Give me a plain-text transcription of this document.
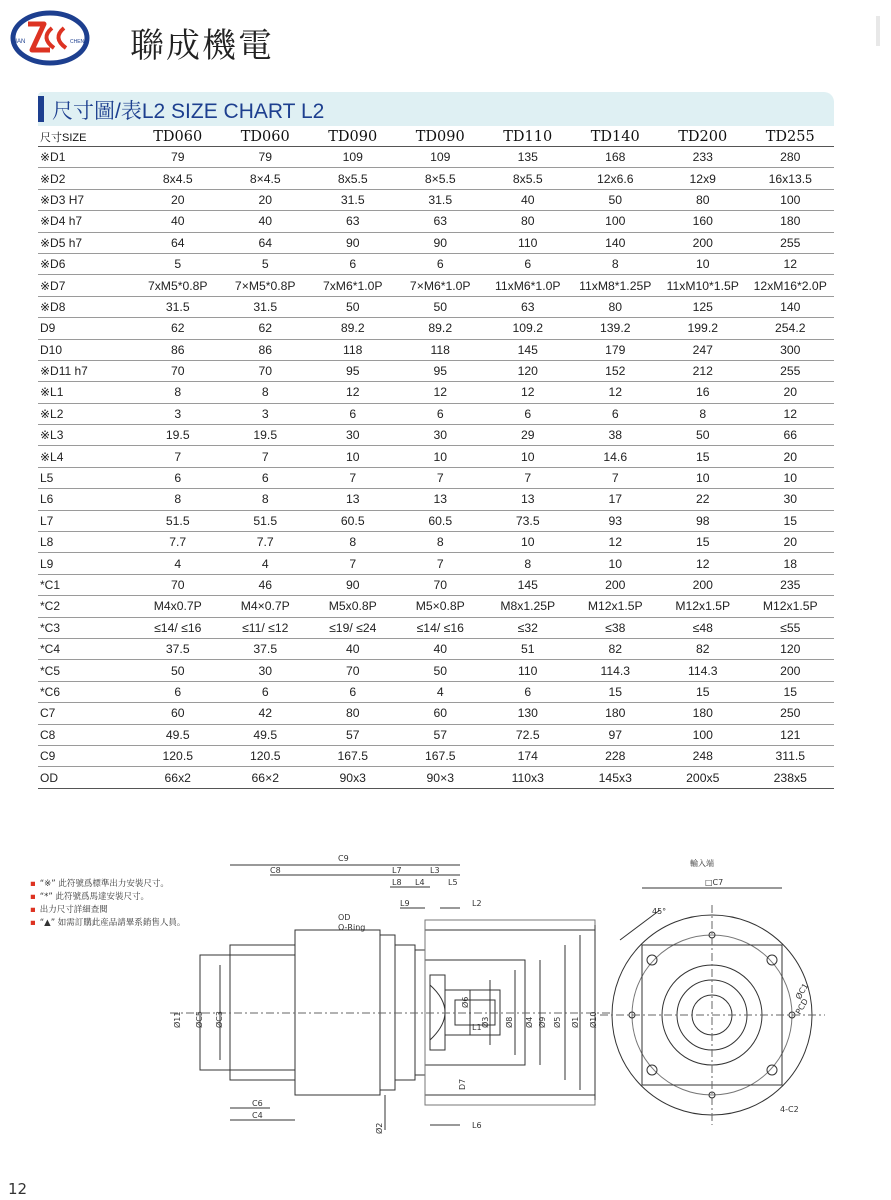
LIAN	CHENG 聯成機電
尺寸圖/表L2 SIZE CHART L2
尺寸SIZE	TD060	TD060	TD090	TD090	TD110	TD140	TD200	TD255
※D1	79	79	109	109	135	168	233	280
※D2	8x4.5	8×4.5	8x5.5	8×5.5	8x5.5	12x6.6	12x9	16x13.5
※D3 H7	20	20	31.5	31.5	40	50	80	100
※D4 h7	40	40	63	63	80	100	160	180
※D5 h7	64	64	90	90	110	140	200	255
※D6	5	5	6	6	6	8	10	12
※D7	7xM5*0.8P	7×M5*0.8P	7xM6*1.0P	7×M6*1.0P	11xM6*1.0P	11xM8*1.25P	11xM10*1.5P	12xM16*2.0P
※D8	31.5	31.5	50	50	63	80	125	140
D9	62	62	89.2	89.2	109.2	139.2	199.2	254.2
D10	86	86	118	118	145	179	247	300
※D11 h7	70	70	95	95	120	152	212	255
※L1	8	8	12	12	12	12	16	20
※L2	3	3	6	6	6	6	8	12
※L3	19.5	19.5	30	30	29	38	50	66
※L4	7	7	10	10	10	14.6	15	20
L5	6	6	7	7	7	7	10	10
L6	8	8	13	13	13	17	22	30
L7	51.5	51.5	60.5	60.5	73.5	93	98	15
L8	7.7	7.7	8	8	10	12	15	20
L9	4	4	7	7	8	10	12	18
*C1	70	46	90	70	145	200	200	235
*C2	M4x0.7P	M4×0.7P	M5x0.8P	M5×0.8P	M8x1.25P	M12x1.5P	M12x1.5P	M12x1.5P
*C3	≤14/ ≤16	≤11/ ≤12	≤19/ ≤24	≤14/ ≤16	≤32	≤38	≤48	≤55
*C4	37.5	37.5	40	40	51	82	82	120
*C5	50	30	70	50	110	114.3	114.3	200
*C6	6	6	6	4	6	15	15	15
C7	60	42	80	60	130	180	180	250
C8	49.5	49.5	57	57	72.5	97	100	121
C9	120.5	120.5	167.5	167.5	174	228	248	311.5
OD	66x2	66×2	90x3	90×3	110x3	145x3	200x5	238x5
▪ “※” 此符號爲標準出力安裝尺寸。
▪ “*” 此符號爲馬達安裝尺寸。
▪ 出力尺寸詳細查閱
▪ “▲” 如需訂購此産品請畢系銷售人員。
C9
C8	L7	L3
L8 L4	L5
L9	L2
OD
O-Ring
Ø11 ØC5 ØC3
Ø6
L1 Ø3 Ø8 Ø4 Ø9 Ø5 Ø1 Ø10
D7
C6
C4
Ø2	L6
輸入端
□C7
45°
ØC1
PCD
4-C2
12
